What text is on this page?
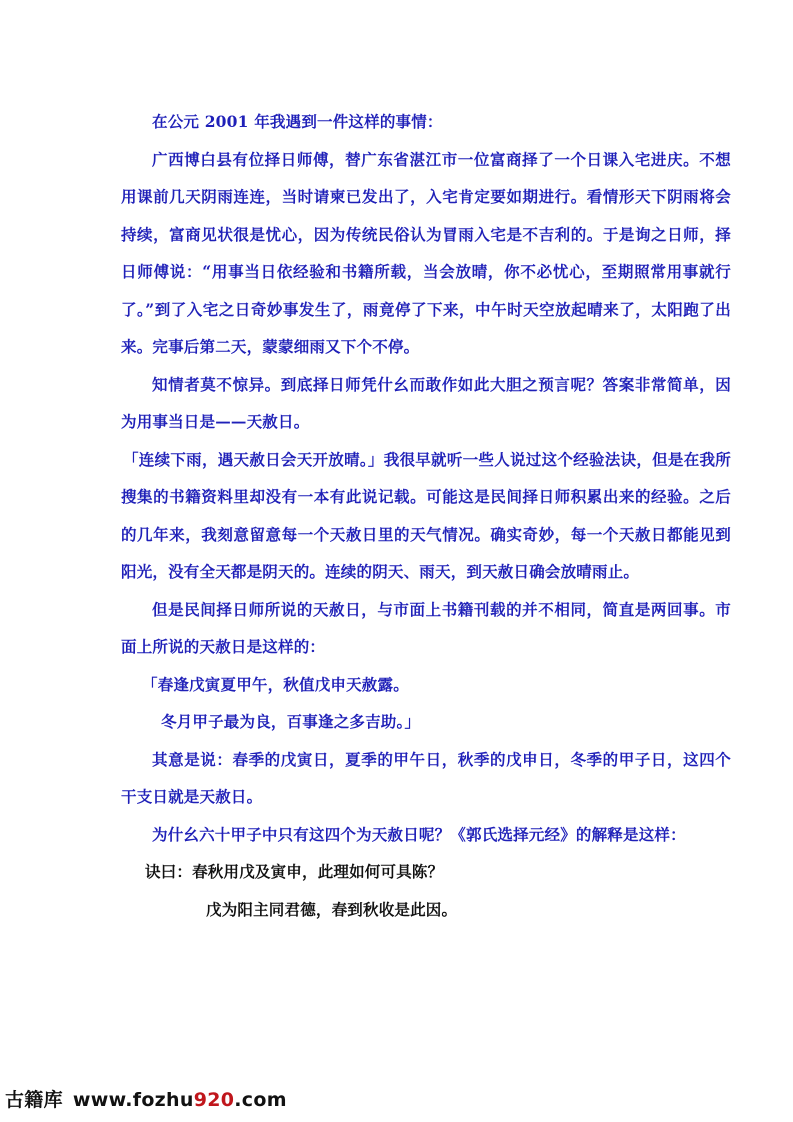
在公元 2001 年我遇到一件这样的事情：

广西博白县有位择日师傅，替广东省湛江市一位富商择了一个日课入宅进庆。不想用课前几天阴雨连连，当时请柬已发出了，入宅肯定要如期进行。看情形天下阴雨将会持续，富商见状很是忧心，因为传统民俗认为冒雨入宅是不吉利的。于是询之日师，择日师傅说：“用事当日依经验和书籍所载，当会放晴，你不必忧心，至期照常用事就行了。”到了入宅之日奇妙事发生了，雨竟停了下来，中午时天空放起晴来了，太阳跑了出来。完事后第二天，蒙蒙细雨又下个不停。

知情者莫不惊异。到底择日师凭什幺而敢作如此大胆之预言呢？答案非常简单，因为用事当日是——天赦日。

「连续下雨，遇天赦日会天开放晴。」我很早就听一些人说过这个经验法诀，但是在我所搜集的书籍资料里却没有一本有此说记载。可能这是民间择日师积累出来的经验。之后的几年来，我刻意留意每一个天赦日里的天气情况。确实奇妙，每一个天赦日都能见到阳光，没有全天都是阴天的。连续的阴天、雨天，到天赦日确会放晴雨止。

但是民间择日师所说的天赦日，与市面上书籍刊载的并不相同，简直是两回事。市面上所说的天赦日是这样的：

「春逢戊寅夏甲午，秋值戊申天赦露。

冬月甲子最为良，百事逢之多吉助。」

其意是说：春季的戊寅日，夏季的甲午日，秋季的戊申日，冬季的甲子日，这四个干支日就是天赦日。

为什幺六十甲子中只有这四个为天赦日呢？《郭氏选择元经》的解释是这样：

诀曰：春秋用戊及寅申，此理如何可具陈？

戊为阳主同君德，春到秋收是此因。

古籍库 www.fozhu 920 .com
